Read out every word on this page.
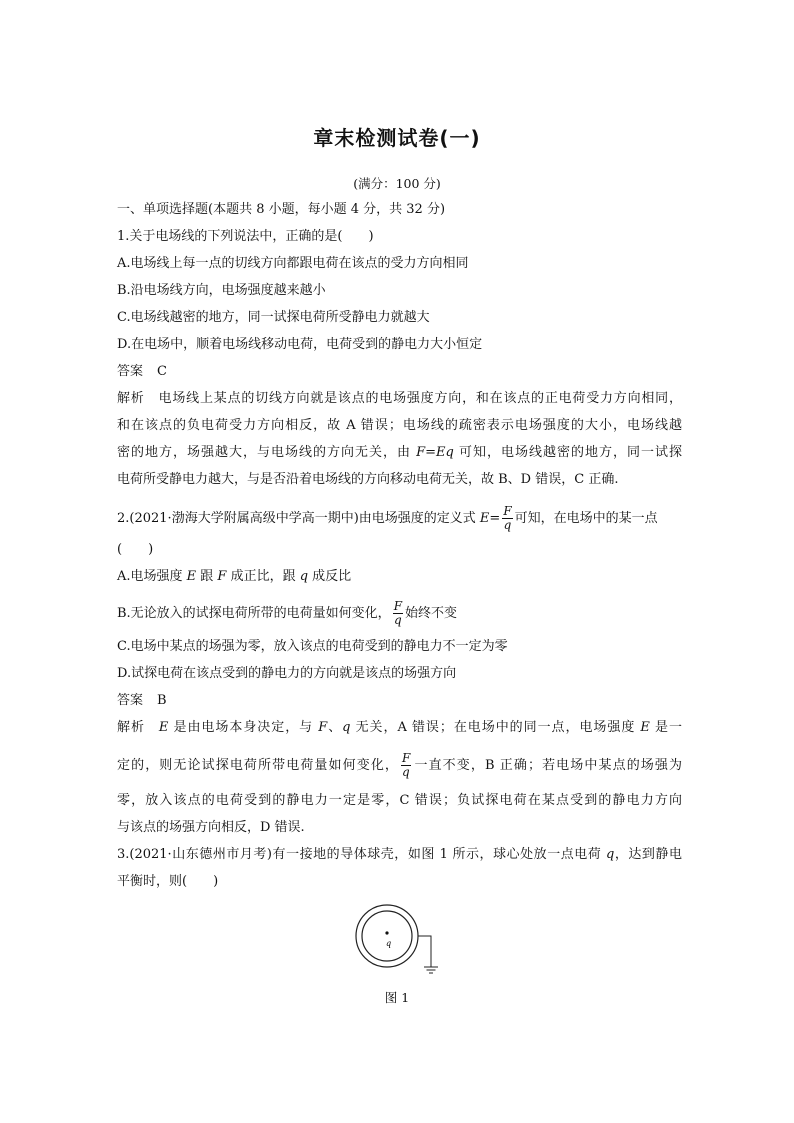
章末检测试卷(一)
(满分：100 分)
一、单项选择题(本题共 8 小题，每小题 4 分，共 32 分)
1.关于电场线的下列说法中，正确的是(　　)
A.电场线上每一点的切线方向都跟电荷在该点的受力方向相同
B.沿电场线方向，电场强度越来越小
C.电场线越密的地方，同一试探电荷所受静电力就越大
D.在电场中，顺着电场线移动电荷，电荷受到的静电力大小恒定
答案 C
解析 电场线上某点的切线方向就是该点的电场强度方向，和在该点的正电荷受力方向相同，
和在该点的负电荷受力方向相反，故 A 错误；电场线的疏密表示电场强度的大小，电场线越
密的地方，场强越大，与电场线的方向无关，由 F=Eq 可知，电场线越密的地方，同一试探
电荷所受静电力越大，与是否沿着电场线的方向移动电荷无关，故 B、D 错误，C 正确.
2.(2021·渤海大学附属高级中学高一期中)由电场强度的定义式 $E= \frac{F}{q}$ 可知，在电场中的某一点
(　　)
A.电场强度 E 跟 F 成正比，跟 q 成反比
B.无论放入的试探电荷所带的电荷量如何变化， $\frac{F}{q}$ 始终不变
C.电场中某点的场强为零，放入该点的电荷受到的静电力不一定为零
D.试探电荷在该点受到的静电力的方向就是该点的场强方向
答案 B
解析 E 是由电场本身决定，与 F、q 无关，A 错误；在电场中的同一点，电场强度 E 是一
定的，则无论试探电荷所带电荷量如何变化， $\frac{F}{q}$ 一直不变，B 正确；若电场中某点的场强为
零，放入该点的电荷受到的静电力一定是零，C 错误；负试探电荷在某点受到的静电力方向
与该点的场强方向相反，D 错误.
3.(2021·山东德州市月考)有一接地的导体球壳，如图 1 所示，球心处放一点电荷 q，达到静电
平衡时，则(　　)
q
图 1
